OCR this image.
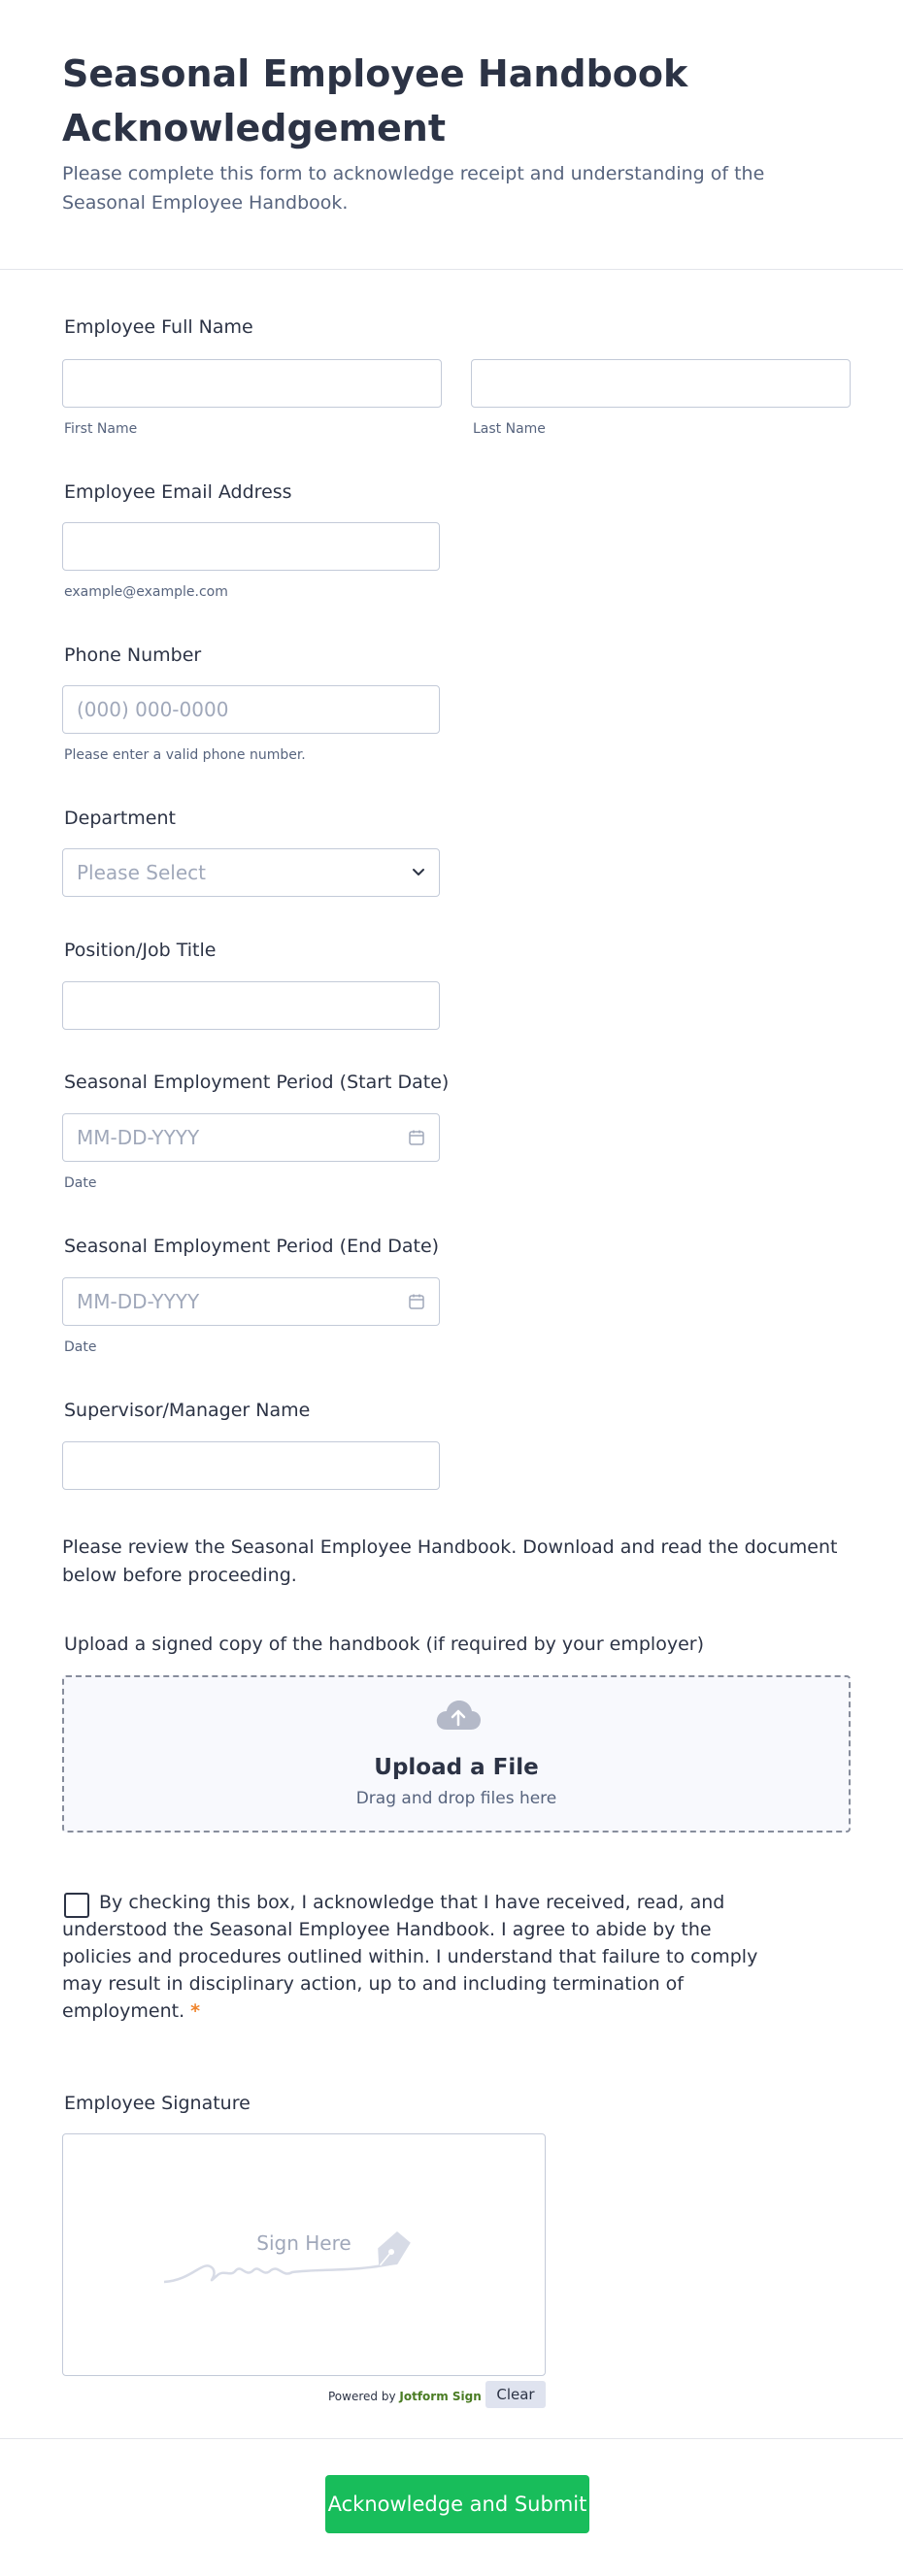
Seasonal Employee Handbook Acknowledgement

Please complete this form to acknowledge receipt and understanding of the Seasonal Employee Handbook.

Employee Full Name
First Name	Last Name
Employee Email Address
example@example.com
Phone Number
(000) 000-0000
Please enter a valid phone number.
Department
Please Select
Position/Job Title
Seasonal Employment Period (Start Date)
MM-DD-YYYY
Date
Seasonal Employment Period (End Date)
MM-DD-YYYY
Date
Supervisor/Manager Name

Please review the Seasonal Employee Handbook. Download and read the document below before proceeding.

Upload a signed copy of the handbook (if required by your employer)
Upload a File
Drag and drop files here

By checking this box, I acknowledge that I have received, read, and understood the Seasonal Employee Handbook. I agree to abide by the policies and procedures outlined within. I understand that failure to comply may result in disciplinary action, up to and including termination of employment. *

Employee Signature
Sign Here
Powered by Jotform Sign	Clear
Acknowledge and Submit
